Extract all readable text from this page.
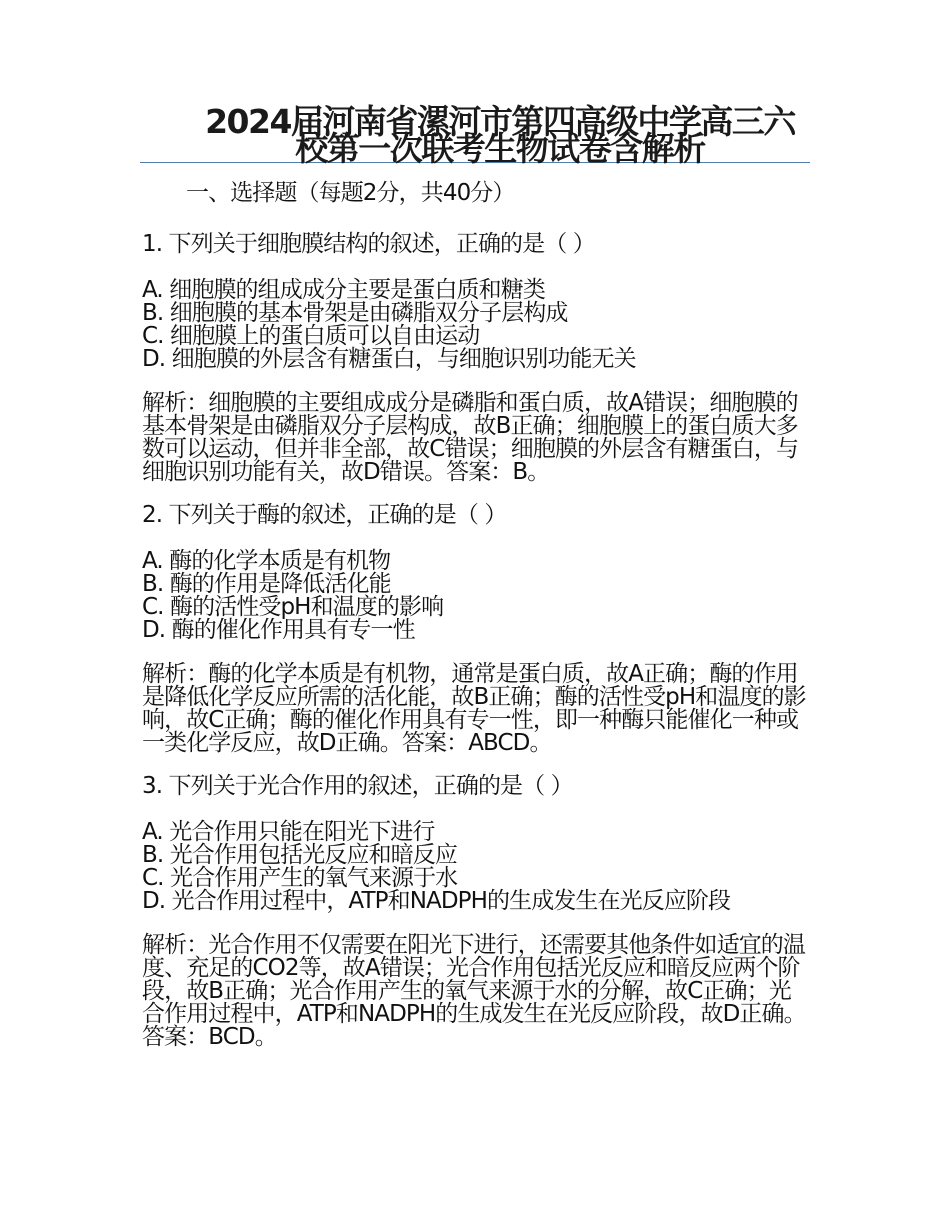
2024届河南省漯河市第四高级中学高三六校第一次联考生物试卷含解析

一、选择题（每题2分，共40分）

1. 下列关于细胞膜结构的叙述，正确的是（ ）

A. 细胞膜的组成成分主要是蛋白质和糖类

B. 细胞膜的基本骨架是由磷脂双分子层构成

C. 细胞膜上的蛋白质可以自由运动

D. 细胞膜的外层含有糖蛋白，与细胞识别功能无关

解析：细胞膜的主要组成成分是磷脂和蛋白质，故A错误；细胞膜的基本骨架是由磷脂双分子层构成，故B正确；细胞膜上的蛋白质大多数可以运动，但并非全部，故C错误；细胞膜的外层含有糖蛋白，与细胞识别功能有关，故D错误。答案：B。

2. 下列关于酶的叙述，正确的是（ ）

A. 酶的化学本质是有机物

B. 酶的作用是降低活化能

C. 酶的活性受pH和温度的影响

D. 酶的催化作用具有专一性

解析：酶的化学本质是有机物，通常是蛋白质，故A正确；酶的作用是降低化学反应所需的活化能，故B正确；酶的活性受pH和温度的影响，故C正确；酶的催化作用具有专一性，即一种酶只能催化一种或一类化学反应，故D正确。答案：ABCD。

3. 下列关于光合作用的叙述，正确的是（ ）

A. 光合作用只能在阳光下进行

B. 光合作用包括光反应和暗反应

C. 光合作用产生的氧气来源于水

D. 光合作用过程中，ATP和NADPH的生成发生在光反应阶段

解析：光合作用不仅需要在阳光下进行，还需要其他条件如适宜的温度、充足的CO2等，故A错误；光合作用包括光反应和暗反应两个阶段，故B正确；光合作用产生的氧气来源于水的分解，故C正确；光合作用过程中，ATP和NADPH的生成发生在光反应阶段，故D正确。答案：BCD。
